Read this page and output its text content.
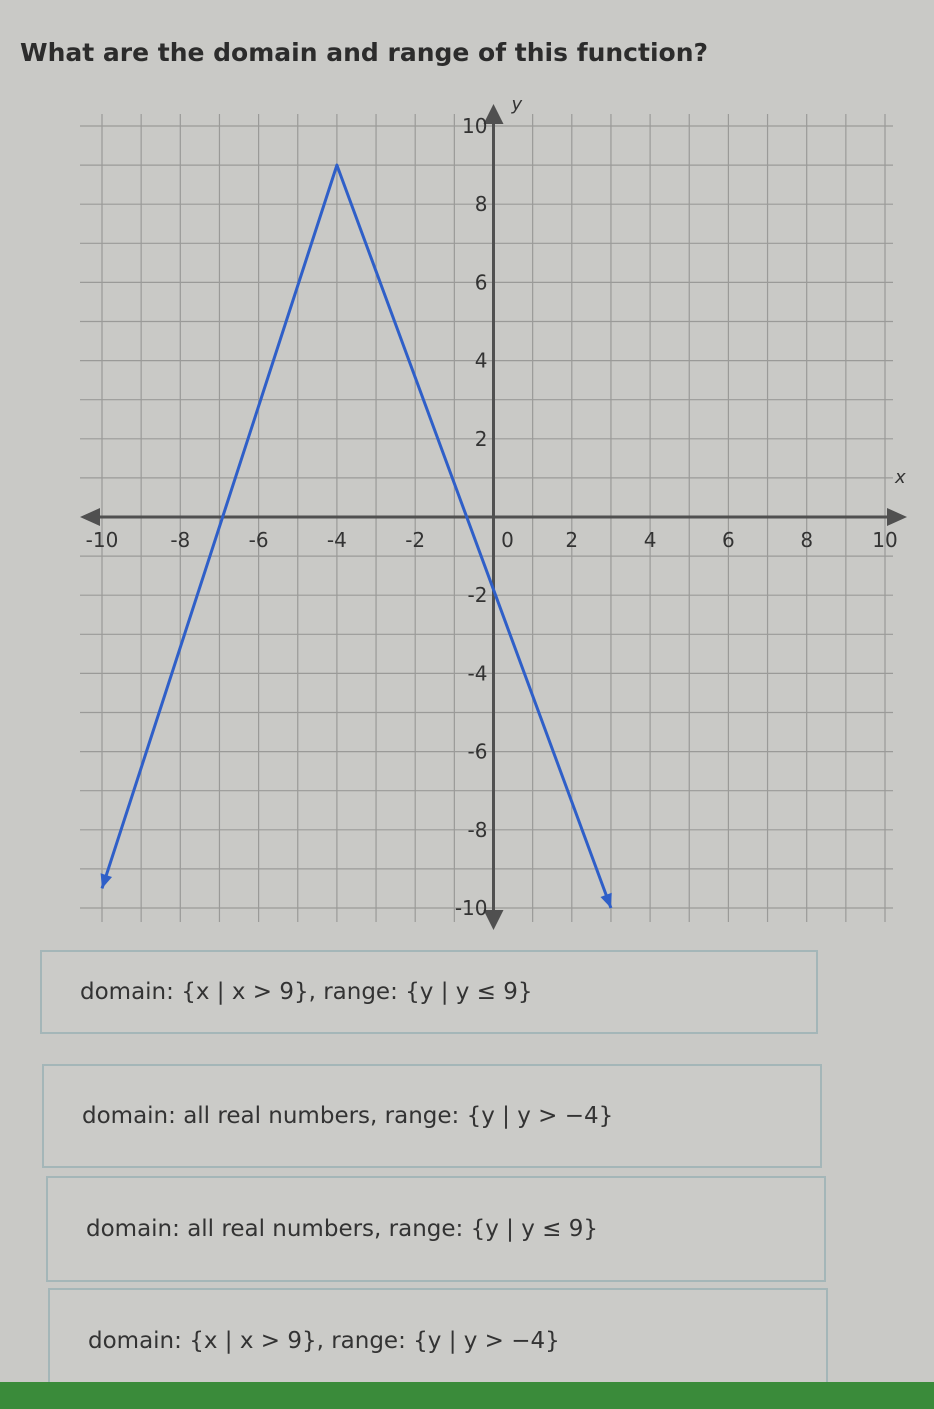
What are the domain and range of this function?
x
y
-10	-8	-6	-4	-2	0	2	4	6	8	10
10
8
6
4
2
-2
-4
-6
-8
-10
domain: {x | x > 9}, range: {y | y ≤ 9}
domain: all real numbers, range: {y | y > −4}
domain: all real numbers, range: {y | y ≤ 9}
domain: {x | x > 9}, range: {y | y > −4}
